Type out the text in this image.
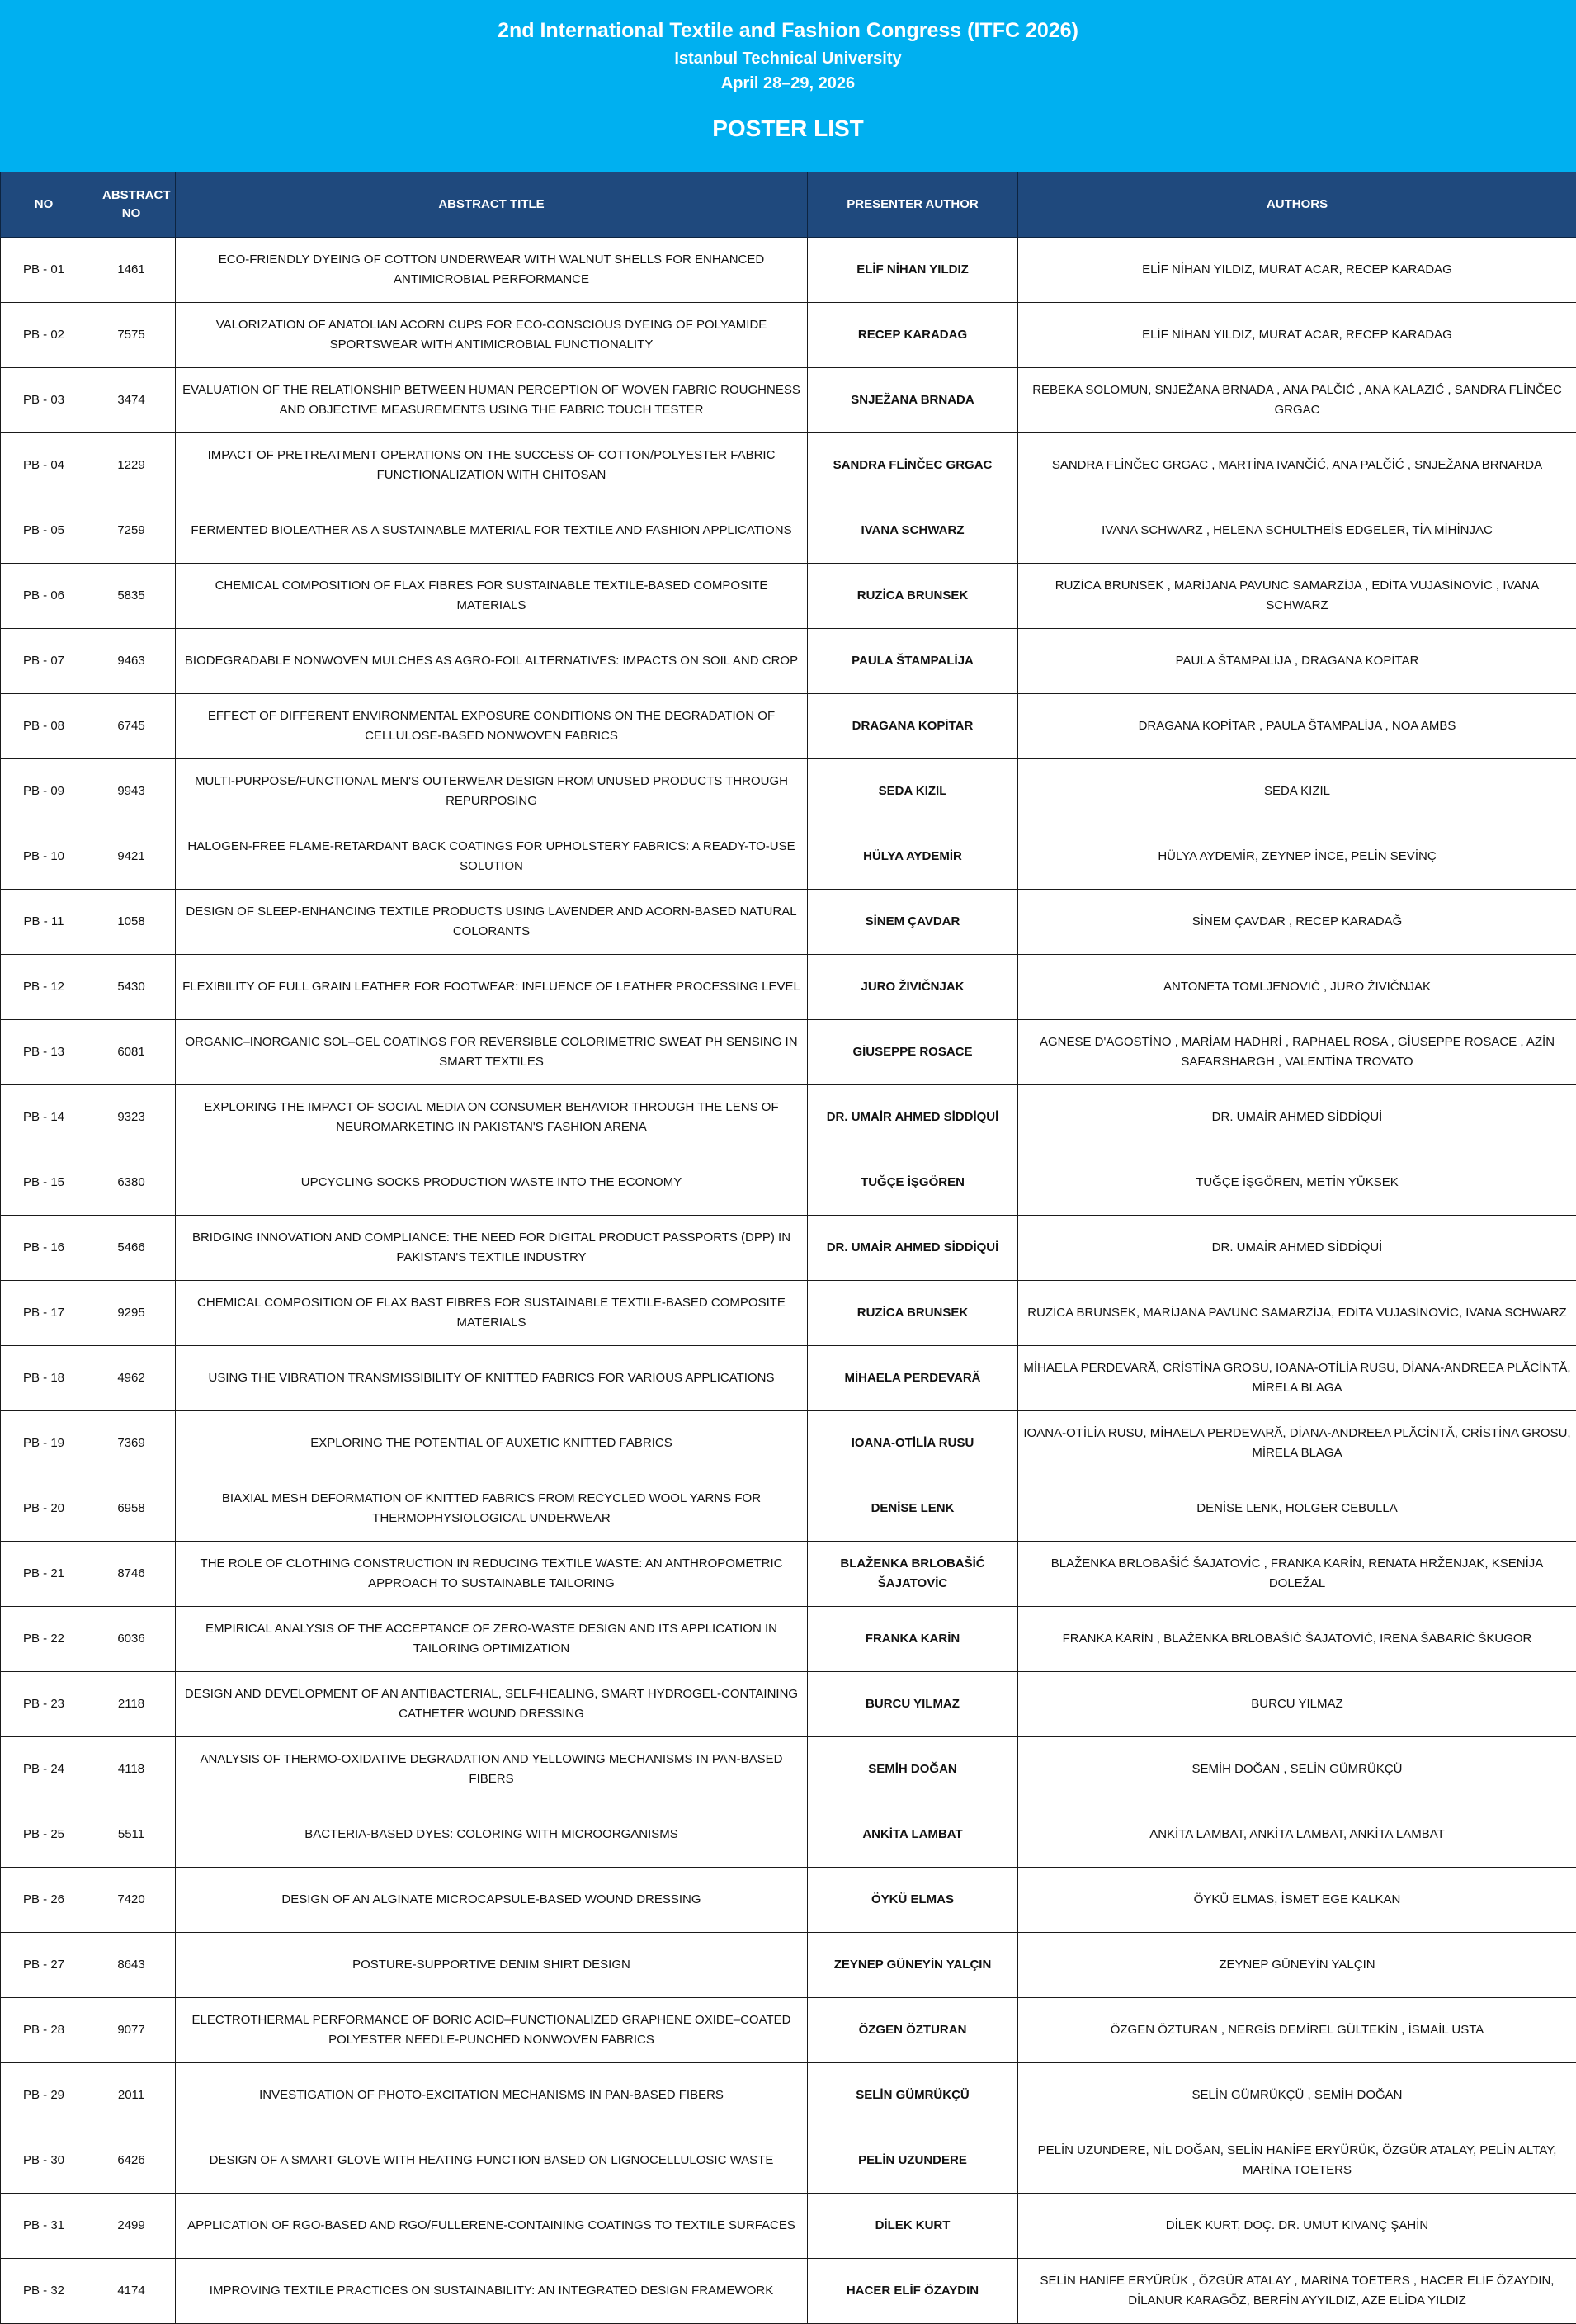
2nd International Textile and Fashion Congress (ITFC 2026)
Istanbul Technical University
April 28–29, 2026
POSTER LIST
NO	ABSTRACT NO	ABSTRACT TITLE	PRESENTER AUTHOR	AUTHORS
PB - 01	1461	ECO-FRIENDLY DYEING OF COTTON UNDERWEAR WITH WALNUT SHELLS FOR ENHANCED ANTIMICROBIAL PERFORMANCE	ELİF NİHAN YILDIZ	ELİF NİHAN YILDIZ, MURAT ACAR, RECEP KARADAG
PB - 02	7575	VALORIZATION OF ANATOLIAN ACORN CUPS FOR ECO-CONSCIOUS DYEING OF POLYAMIDE SPORTSWEAR WITH ANTIMICROBIAL FUNCTIONALITY	RECEP KARADAG	ELİF NİHAN YILDIZ, MURAT ACAR, RECEP KARADAG
PB - 03	3474	EVALUATION OF THE RELATIONSHIP BETWEEN HUMAN PERCEPTION OF WOVEN FABRIC ROUGHNESS AND OBJECTIVE MEASUREMENTS USING THE FABRIC TOUCH TESTER	SNJEŽANA BRNADA	REBEKA SOLOMUN, SNJEŽANA BRNADA , ANA PALČIĆ , ANA KALAZIĆ , SANDRA FLİNČEC GRGAC
PB - 04	1229	IMPACT OF PRETREATMENT OPERATIONS ON THE SUCCESS OF COTTON/POLYESTER FABRIC FUNCTIONALIZATION WITH CHITOSAN	SANDRA FLİNČEC GRGAC	SANDRA FLİNČEC GRGAC , MARTİNA IVANČİĆ, ANA PALČİĆ , SNJEŽANA BRNARDA
PB - 05	7259	FERMENTED BIOLEATHER AS A SUSTAINABLE MATERIAL FOR TEXTILE AND FASHION APPLICATIONS	IVANA SCHWARZ	IVANA SCHWARZ , HELENA SCHULTHEİS EDGELER, TİA MİHİNJAC
PB - 06	5835	CHEMICAL COMPOSITION OF FLAX FIBRES FOR SUSTAINABLE TEXTILE-BASED COMPOSITE MATERIALS	RUZİCA BRUNSEK	RUZİCA BRUNSEK , MARİJANA PAVUNC SAMARZİJA , EDİTA VUJASİNOVİC , IVANA SCHWARZ
PB - 07	9463	BIODEGRADABLE NONWOVEN MULCHES AS AGRO-FOIL ALTERNATIVES: IMPACTS ON SOIL AND CROP	PAULA ŠTAMPALİJA	PAULA ŠTAMPALİJA , DRAGANA KOPİTAR
PB - 08	6745	EFFECT OF DIFFERENT ENVIRONMENTAL EXPOSURE CONDITIONS ON THE DEGRADATION OF CELLULOSE-BASED NONWOVEN FABRICS	DRAGANA KOPİTAR	DRAGANA KOPİTAR , PAULA ŠTAMPALİJA , NOA AMBS
PB - 09	9943	MULTI-PURPOSE/FUNCTIONAL MEN'S OUTERWEAR DESIGN FROM UNUSED PRODUCTS THROUGH REPURPOSING	SEDA KIZIL	SEDA KIZIL
PB - 10	9421	HALOGEN-FREE FLAME-RETARDANT BACK COATINGS FOR UPHOLSTERY FABRICS: A READY-TO-USE SOLUTION	HÜLYA AYDEMİR	HÜLYA AYDEMİR, ZEYNEP İNCE, PELİN SEVİNÇ
PB - 11	1058	DESIGN OF SLEEP-ENHANCING TEXTILE PRODUCTS USING LAVENDER AND ACORN-BASED NATURAL COLORANTS	SİNEM ÇAVDAR	SİNEM ÇAVDAR , RECEP KARADAĞ
PB - 12	5430	FLEXIBILITY OF FULL GRAIN LEATHER FOR FOOTWEAR: INFLUENCE OF LEATHER PROCESSING LEVEL	JURO ŽIVIČNJAK	ANTONETA TOMLJENOVIĆ , JURO ŽIVIČNJAK
PB - 13	6081	ORGANIC–INORGANIC SOL–GEL COATINGS FOR REVERSIBLE COLORIMETRIC SWEAT PH SENSING IN SMART TEXTILES	GİUSEPPE ROSACE	AGNESE D'AGOSTİNO , MARİAM HADHRİ , RAPHAEL ROSA , GİUSEPPE ROSACE , AZİN SAFARSHARGH , VALENTİNA TROVATO
PB - 14	9323	EXPLORING THE IMPACT OF SOCIAL MEDIA ON CONSUMER BEHAVIOR THROUGH THE LENS OF NEUROMARKETING IN PAKISTAN'S FASHION ARENA	DR. UMAİR AHMED SİDDİQUİ	DR. UMAİR AHMED SİDDİQUİ
PB - 15	6380	UPCYCLING SOCKS PRODUCTION WASTE INTO THE ECONOMY	TUĞÇE İŞGÖREN	TUĞÇE İŞGÖREN, METİN YÜKSEK
PB - 16	5466	BRIDGING INNOVATION AND COMPLIANCE: THE NEED FOR DIGITAL PRODUCT PASSPORTS (DPP) IN PAKISTAN'S TEXTILE INDUSTRY	DR. UMAİR AHMED SİDDİQUİ	DR. UMAİR AHMED SİDDİQUİ
PB - 17	9295	CHEMICAL COMPOSITION OF FLAX BAST FIBRES FOR SUSTAINABLE TEXTILE-BASED COMPOSITE MATERIALS	RUZİCA BRUNSEK	RUZİCA BRUNSEK, MARİJANA PAVUNC SAMARZİJA, EDİTA VUJASİNOVİC, IVANA SCHWARZ
PB - 18	4962	USING THE VIBRATION TRANSMISSIBILITY OF KNITTED FABRICS FOR VARIOUS APPLICATIONS	MİHAELA PERDEVARĂ	MİHAELA PERDEVARĂ, CRİSTİNA GROSU, IOANA-OTİLİA RUSU, DİANA-ANDREEA PLĂCİNTĂ, MİRELA BLAGA
PB - 19	7369	EXPLORING THE POTENTIAL OF AUXETIC KNITTED FABRICS	IOANA-OTİLİA RUSU	IOANA-OTİLİA RUSU, MİHAELA PERDEVARĂ, DİANA-ANDREEA PLĂCİNTĂ, CRİSTİNA GROSU, MİRELA BLAGA
PB - 20	6958	BIAXIAL MESH DEFORMATION OF KNITTED FABRICS FROM RECYCLED WOOL YARNS FOR THERMOPHYSIOLOGICAL UNDERWEAR	DENİSE LENK	DENİSE LENK, HOLGER CEBULLA
PB - 21	8746	THE ROLE OF CLOTHING CONSTRUCTION IN REDUCING TEXTILE WASTE: AN ANTHROPOMETRIC APPROACH TO SUSTAINABLE TAILORING	BLAŽENKA BRLOBAŠİĆ ŠAJATOVİC	BLAŽENKA BRLOBAŠİĆ ŠAJATOVİC , FRANKA KARİN, RENATA HRŽENJAK, KSENİJA DOLEŽAL
PB - 22	6036	EMPIRICAL ANALYSIS OF THE ACCEPTANCE OF ZERO-WASTE DESIGN AND ITS APPLICATION IN TAILORING OPTIMIZATION	FRANKA KARİN	FRANKA KARİN , BLAŽENKA BRLOBAŠİĆ ŠAJATOVİĆ, IRENA ŠABARİĆ ŠKUGOR
PB - 23	2118	DESIGN AND DEVELOPMENT OF AN ANTIBACTERIAL, SELF-HEALING, SMART HYDROGEL-CONTAINING CATHETER WOUND DRESSING	BURCU YILMAZ	BURCU YILMAZ
PB - 24	4118	ANALYSIS OF THERMO-OXIDATIVE DEGRADATION AND YELLOWING MECHANISMS IN PAN-BASED FIBERS	SEMİH DOĞAN	SEMİH DOĞAN , SELİN GÜMRÜKÇÜ
PB - 25	5511	BACTERIA-BASED DYES: COLORING WITH MICROORGANISMS	ANKİTA LAMBAT	ANKİTA LAMBAT, ANKİTA LAMBAT, ANKİTA LAMBAT
PB - 26	7420	DESIGN OF AN ALGINATE MICROCAPSULE-BASED WOUND DRESSING	ÖYKÜ ELMAS	ÖYKÜ ELMAS, İSMET EGE KALKAN
PB - 27	8643	POSTURE-SUPPORTIVE DENIM SHIRT DESIGN	ZEYNEP GÜNEYİN YALÇIN	ZEYNEP GÜNEYİN YALÇIN
PB - 28	9077	ELECTROTHERMAL PERFORMANCE OF BORIC ACID–FUNCTIONALIZED GRAPHENE OXIDE–COATED POLYESTER NEEDLE-PUNCHED NONWOVEN FABRICS	ÖZGEN ÖZTURAN	ÖZGEN ÖZTURAN , NERGİS DEMİREL GÜLTEKİN , İSMAİL USTA
PB - 29	2011	INVESTIGATION OF PHOTO-EXCITATION MECHANISMS IN PAN-BASED FIBERS	SELİN GÜMRÜKÇÜ	SELİN GÜMRÜKÇÜ , SEMİH DOĞAN
PB - 30	6426	DESIGN OF A SMART GLOVE WITH HEATING FUNCTION BASED ON LIGNOCELLULOSIC WASTE	PELİN UZUNDERE	PELİN UZUNDERE, NİL DOĞAN, SELİN HANİFE ERYÜRÜK, ÖZGÜR ATALAY, PELİN ALTAY, MARİNA TOETERS
PB - 31	2499	APPLICATION OF RGO-BASED AND RGO/FULLERENE-CONTAINING COATINGS TO TEXTILE SURFACES	DİLEK KURT	DİLEK KURT, DOÇ. DR. UMUT KIVANÇ ŞAHİN
PB - 32	4174	IMPROVING TEXTILE PRACTICES ON SUSTAINABILITY: AN INTEGRATED DESIGN FRAMEWORK	HACER ELİF ÖZAYDIN	SELİN HANİFE ERYÜRÜK , ÖZGÜR ATALAY , MARİNA TOETERS , HACER ELİF ÖZAYDIN, DİLANUR KARAGÖZ, BERFİN AYYILDIZ, AZE ELİDA YILDIZ
